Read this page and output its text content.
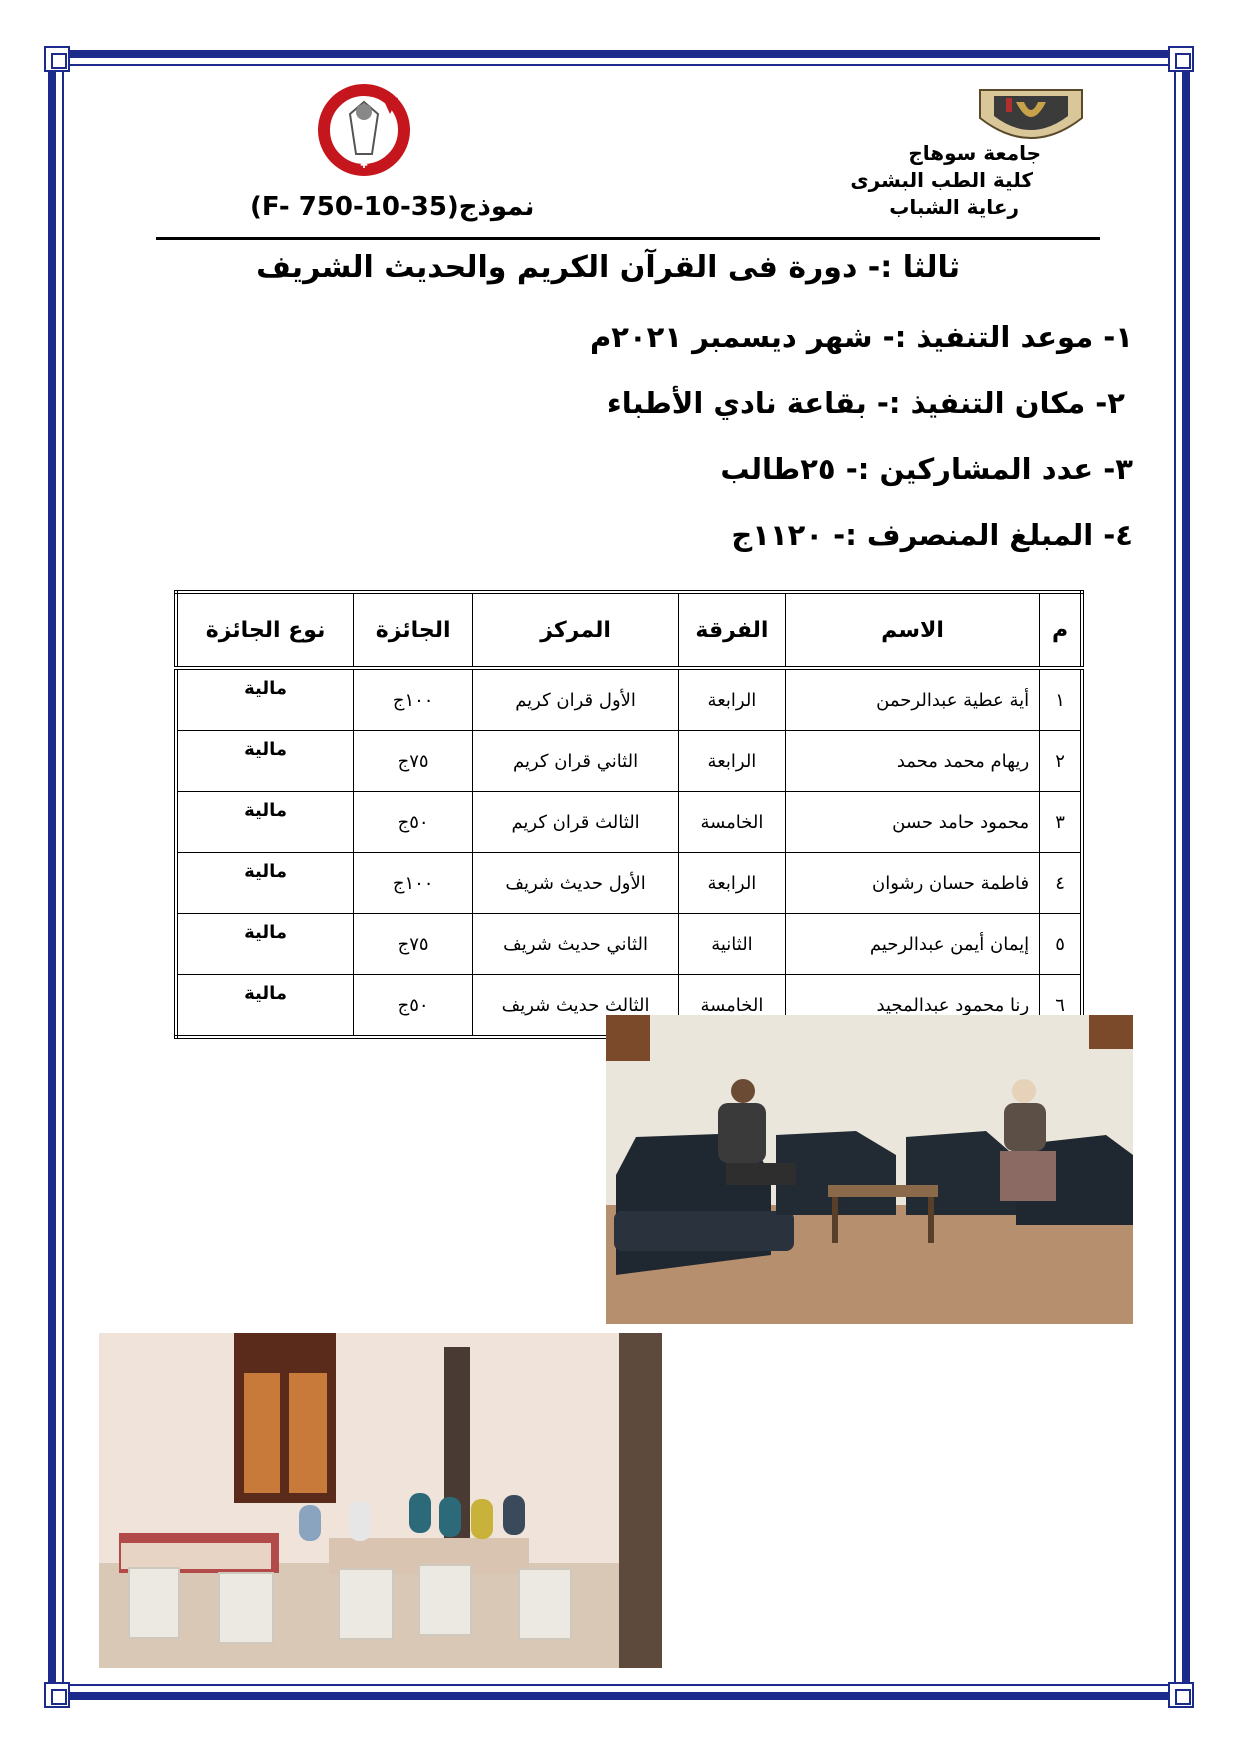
جامعة سوهاج
كلية الطب البشرى
رعاية الشباب
✚
نموذج(F- 750-10-35)
ثالثا :- دورة فى القرآن الكريم والحديث الشريف
١- موعد التنفيذ :- شهر ديسمبر ٢٠٢١م
٢- مكان التنفيذ :- بقاعة نادي الأطباء
٣- عدد المشاركين :- ٢٥طالب
٤- المبلغ المنصرف :- ١١٢٠ج
م	الاسم	الفرقة	المركز	الجائزة	نوع الجائزة
١	أية عطية عبدالرحمن	الرابعة	الأول قران كريم	١٠٠ج	مالية
٢	ريهام محمد محمد	الرابعة	الثاني قران كريم	٧٥ج	مالية
٣	محمود حامد حسن	الخامسة	الثالث قران كريم	٥٠ج	مالية
٤	فاطمة حسان رشوان	الرابعة	الأول حديث شريف	١٠٠ج	مالية
٥	إيمان أيمن عبدالرحيم	الثانية	الثاني حديث شريف	٧٥ج	مالية
٦	رنا محمود عبدالمجيد	الخامسة	الثالث حديث شريف	٥٠ج	مالية
